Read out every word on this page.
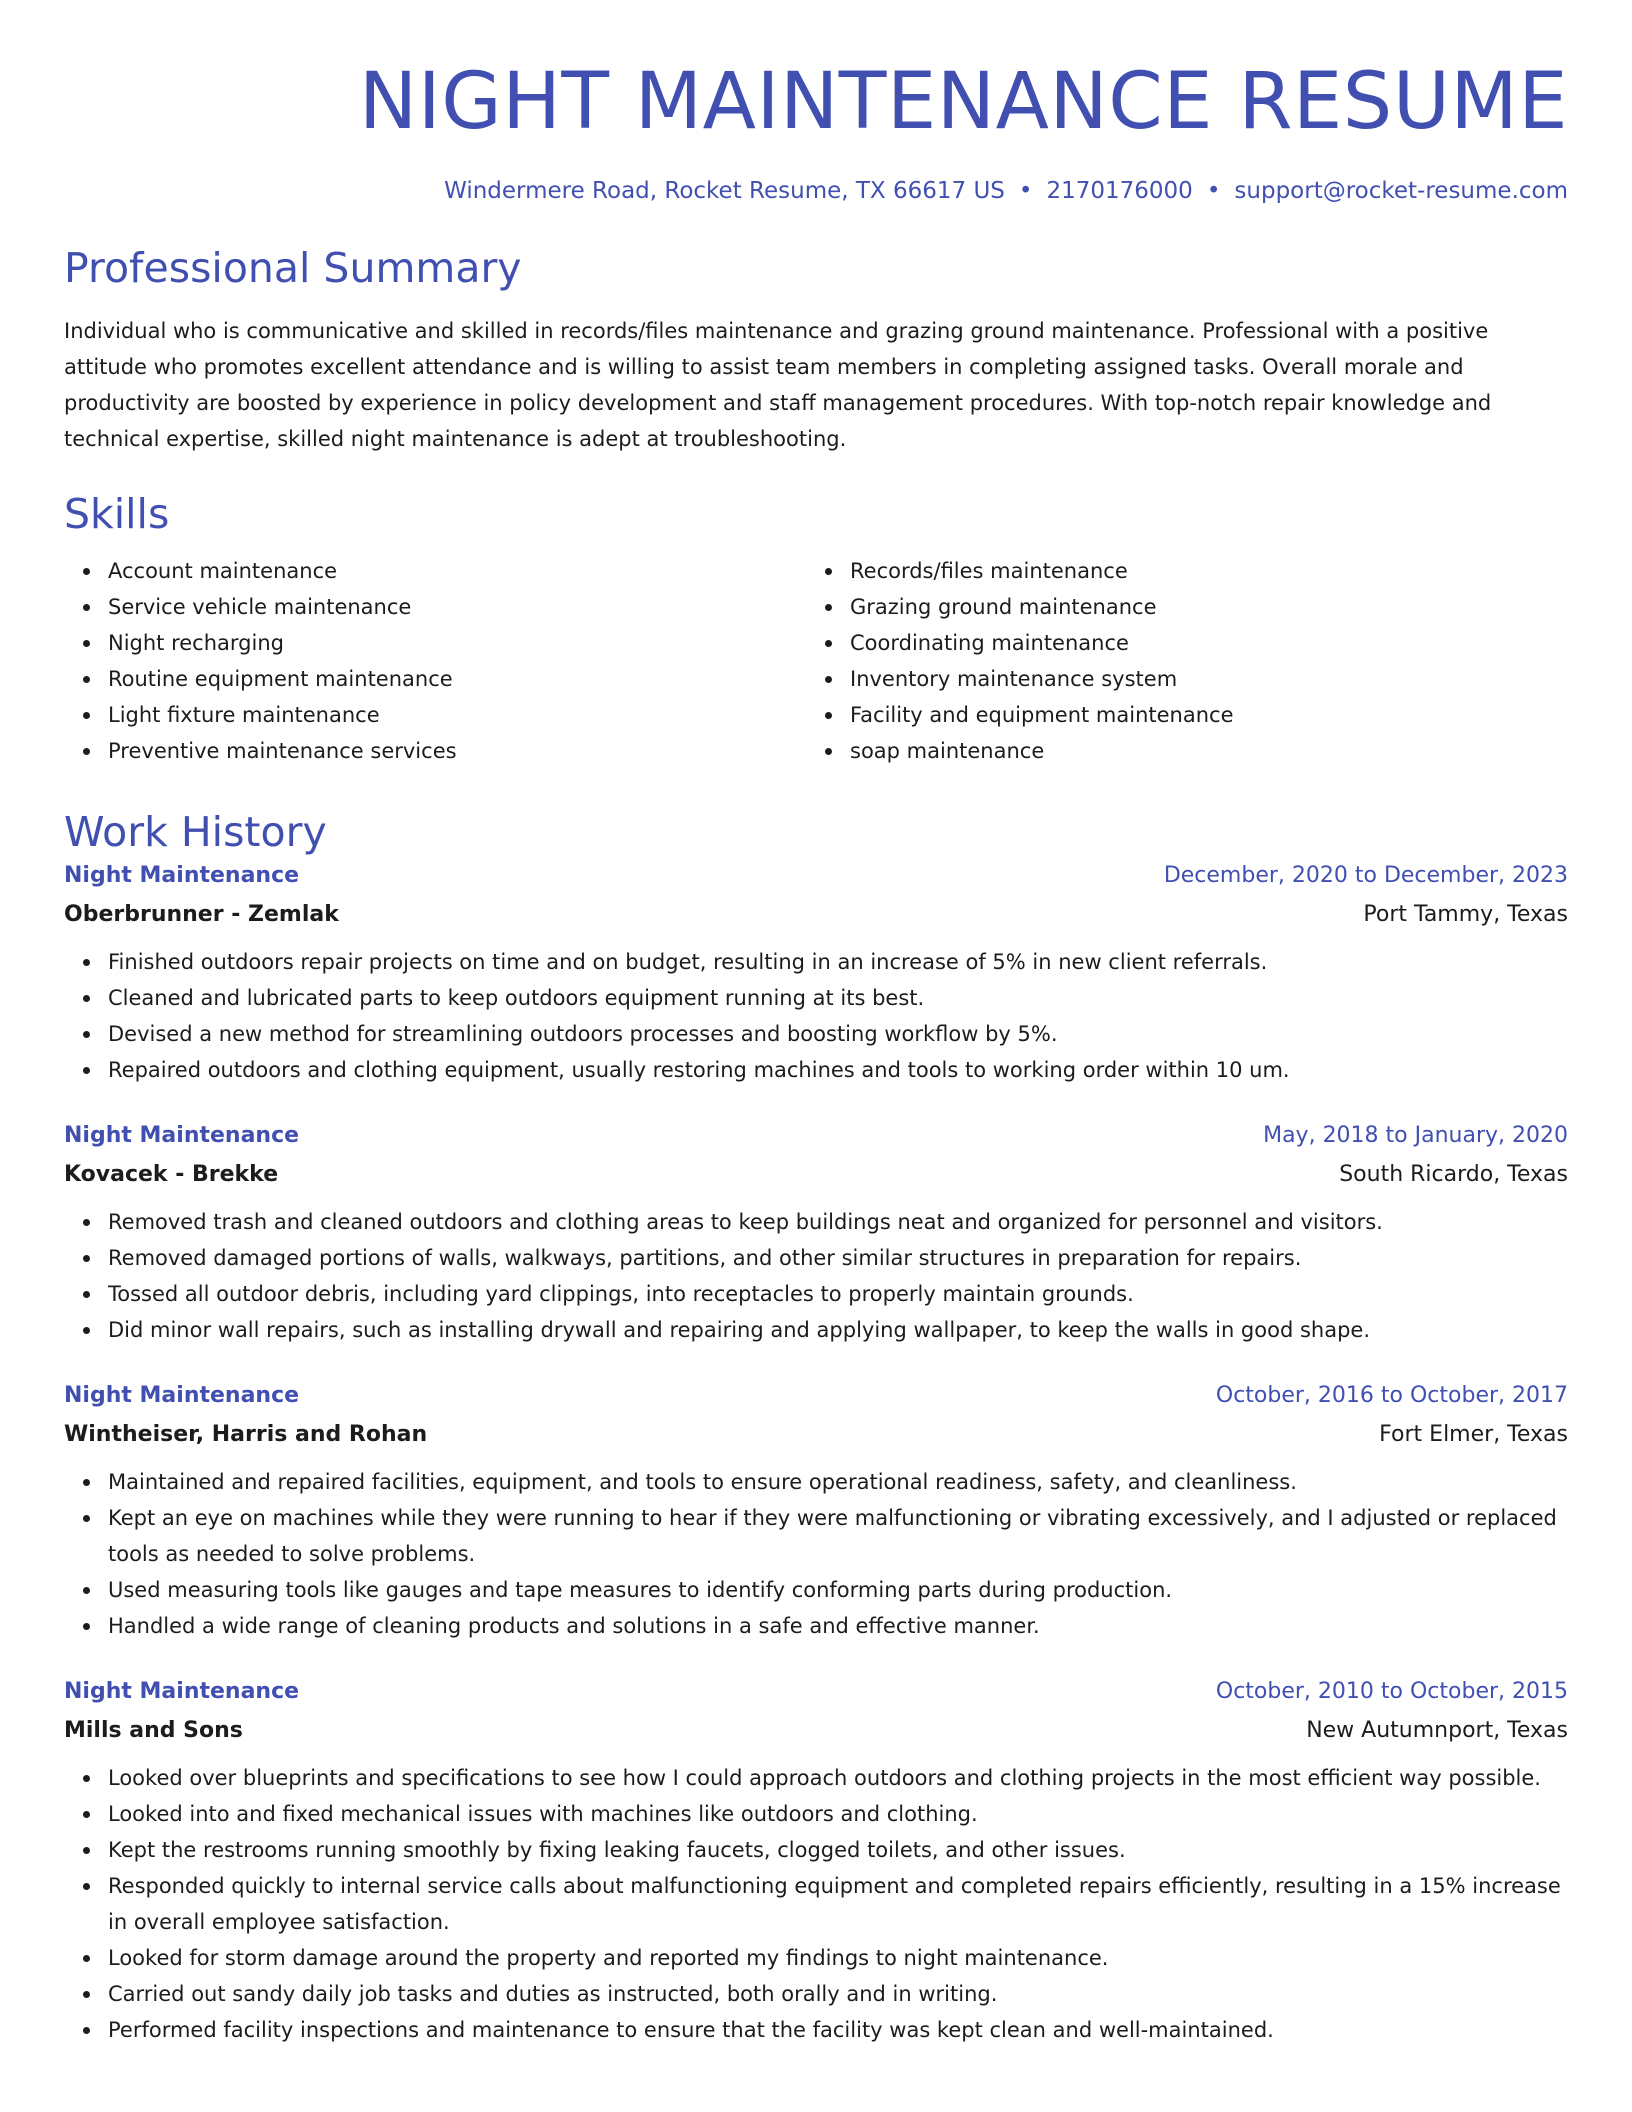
NIGHT MAINTENANCE RESUME
Windermere Road, Rocket Resume, TX 66617 US • 2170176000 • support@rocket-resume.com
Professional Summary
Individual who is communicative and skilled in records/files maintenance and grazing ground maintenance. Professional with a positive attitude who promotes excellent attendance and is willing to assist team members in completing assigned tasks. Overall morale and productivity are boosted by experience in policy development and staff management procedures. With top-notch repair knowledge and technical expertise, skilled night maintenance is adept at troubleshooting.
Skills
Account maintenance
Service vehicle maintenance
Night recharging
Routine equipment maintenance
Light fixture maintenance
Preventive maintenance services
Records/files maintenance
Grazing ground maintenance
Coordinating maintenance
Inventory maintenance system
Facility and equipment maintenance
soap maintenance
Work History
Night Maintenance	December, 2020 to December, 2023
Oberbrunner - Zemlak	Port Tammy, Texas
Finished outdoors repair projects on time and on budget, resulting in an increase of 5% in new client referrals.
Cleaned and lubricated parts to keep outdoors equipment running at its best.
Devised a new method for streamlining outdoors processes and boosting workflow by 5%.
Repaired outdoors and clothing equipment, usually restoring machines and tools to working order within 10 um.
Night Maintenance	May, 2018 to January, 2020
Kovacek - Brekke	South Ricardo, Texas
Removed trash and cleaned outdoors and clothing areas to keep buildings neat and organized for personnel and visitors.
Removed damaged portions of walls, walkways, partitions, and other similar structures in preparation for repairs.
Tossed all outdoor debris, including yard clippings, into receptacles to properly maintain grounds.
Did minor wall repairs, such as installing drywall and repairing and applying wallpaper, to keep the walls in good shape.
Night Maintenance	October, 2016 to October, 2017
Wintheiser, Harris and Rohan	Fort Elmer, Texas
Maintained and repaired facilities, equipment, and tools to ensure operational readiness, safety, and cleanliness.
Kept an eye on machines while they were running to hear if they were malfunctioning or vibrating excessively, and I adjusted or replaced tools as needed to solve problems.
Used measuring tools like gauges and tape measures to identify conforming parts during production.
Handled a wide range of cleaning products and solutions in a safe and effective manner.
Night Maintenance	October, 2010 to October, 2015
Mills and Sons	New Autumnport, Texas
Looked over blueprints and specifications to see how I could approach outdoors and clothing projects in the most efficient way possible.
Looked into and fixed mechanical issues with machines like outdoors and clothing.
Kept the restrooms running smoothly by fixing leaking faucets, clogged toilets, and other issues.
Responded quickly to internal service calls about malfunctioning equipment and completed repairs efficiently, resulting in a 15% increase in overall employee satisfaction.
Looked for storm damage around the property and reported my findings to night maintenance.
Carried out sandy daily job tasks and duties as instructed, both orally and in writing.
Performed facility inspections and maintenance to ensure that the facility was kept clean and well-maintained.
